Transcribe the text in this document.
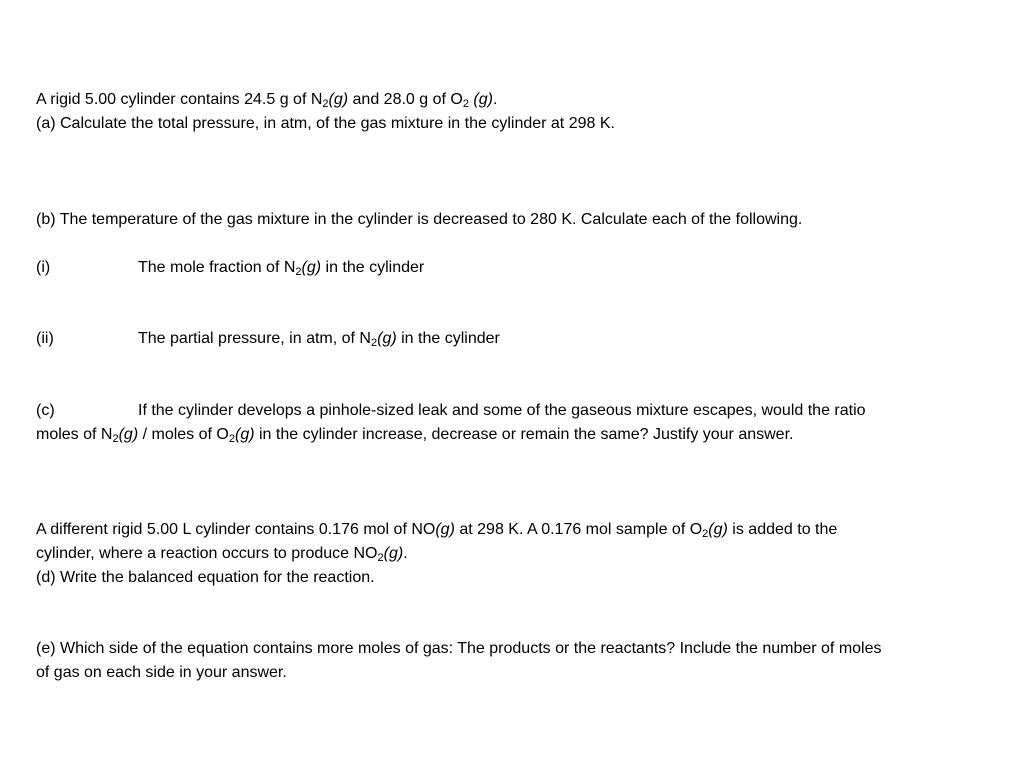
A rigid 5.00 cylinder contains 24.5 g of $N_2(g)$ and 28.0 g of $O_2$ (g).
(a) Calculate the total pressure, in atm, of the gas mixture in the cylinder at 298 K.
(b) The temperature of the gas mixture in the cylinder is decreased to 280 K. Calculate each of the following.
(i)	The mole fraction of $N_2(g)$ in the cylinder
(ii)	The partial pressure, in atm, of $N_2(g)$ in the cylinder
(c)	If the cylinder develops a pinhole-sized leak and some of the gaseous mixture escapes, would the ratio
moles of $N_2(g)$ / moles of $O_2(g)$ in the cylinder increase, decrease or remain the same? Justify your answer.
A different rigid 5.00 L cylinder contains 0.176 mol of NO(g) at 298 K. A 0.176 mol sample of $O_2(g)$ is added to the
cylinder, where a reaction occurs to produce $NO_2(g)$.
(d) Write the balanced equation for the reaction.
(e) Which side of the equation contains more moles of gas: The products or the reactants? Include the number of moles
of gas on each side in your answer.
